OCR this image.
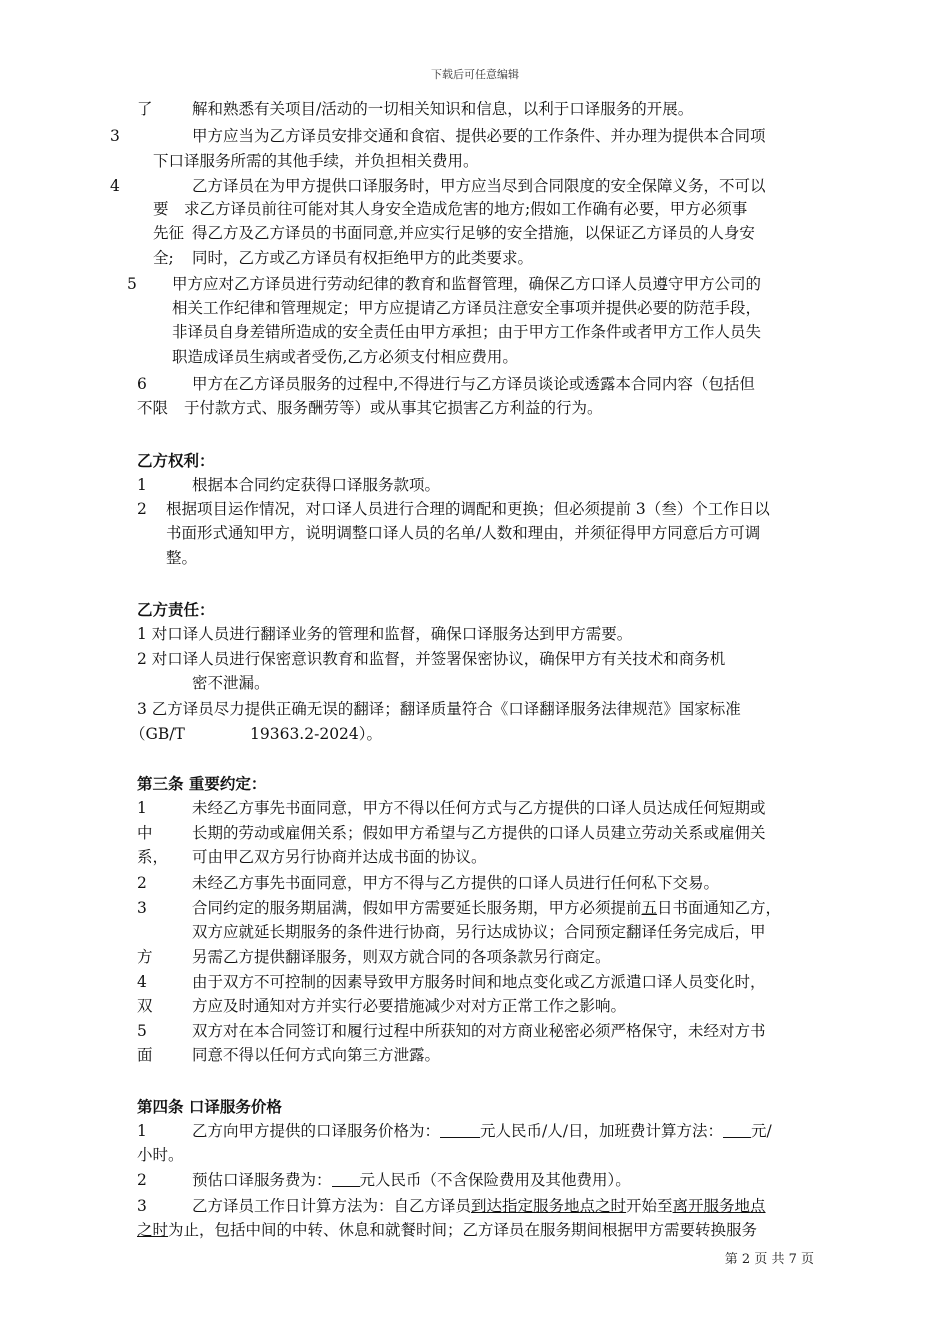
下载后可任意编辑
了	解和熟悉有关项目/活动的一切相关知识和信息，以利于口译服务的开展。
3	甲方应当为乙方译员安排交通和食宿、提供必要的工作条件、并办理为提供本合同项
下口译服务所需的其他手续，并负担相关费用。
4	乙方译员在为甲方提供口译服务时，甲方应当尽到合同限度的安全保障义务，不可以
要 求乙方译员前往可能对其人身安全造成危害的地方;假如工作确有必要，甲方必须事
先征 得乙方及乙方译员的书面同意,并应实行足够的安全措施，以保证乙方译员的人身安
全; 同时，乙方或乙方译员有权拒绝甲方的此类要求。
5 甲方应对乙方译员进行劳动纪律的教育和监督管理，确保乙方口译人员遵守甲方公司的
相关工作纪律和管理规定；甲方应提请乙方译员注意安全事项并提供必要的防范手段，
非译员自身差错所造成的安全责任由甲方承担；由于甲方工作条件或者甲方工作人员失
职造成译员生病或者受伤,乙方必须支付相应费用。
6	甲方在乙方译员服务的过程中,不得进行与乙方译员谈论或透露本合同内容（包括但
不限 于付款方式、服务酬劳等）或从事其它损害乙方利益的行为。
乙方权利：
1	根据本合同约定获得口译服务款项。
2 根据项目运作情况，对口译人员进行合理的调配和更换；但必须提前 3（叁）个工作日以
书面形式通知甲方，说明调整口译人员的名单/人数和理由，并须征得甲方同意后方可调
整。
乙方责任：
1 对口译人员进行翻译业务的管理和监督，确保口译服务达到甲方需要。
2 对口译人员进行保密意识教育和监督，并签署保密协议，确保甲方有关技术和商务机
密不泄漏。
3 乙方译员尽力提供正确无误的翻译；翻译质量符合《口译翻译服务法律规范》国家标准
（GB/T	19363.2-2024）。
第三条 重要约定：
1	未经乙方事先书面同意，甲方不得以任何方式与乙方提供的口译人员达成任何短期或
中	长期的劳动或雇佣关系；假如甲方希望与乙方提供的口译人员建立劳动关系或雇佣关
系， 可由甲乙双方另行协商并达成书面的协议。
2	未经乙方事先书面同意，甲方不得与乙方提供的口译人员进行任何私下交易。
3	合同约定的服务期届满，假如甲方需要延长服务期，甲方必须提前五日书面通知乙方，
双方应就延长期服务的条件进行协商，另行达成协议；合同预定翻译任务完成后，甲
方	另需乙方提供翻译服务，则双方就合同的各项条款另行商定。
4	由于双方不可控制的因素导致甲方服务时间和地点变化或乙方派遣口译人员变化时，
双	方应及时通知对方并实行必要措施减少对对方正常工作之影响。
5	双方对在本合同签订和履行过程中所获知的对方商业秘密必须严格保守，未经对方书
面	同意不得以任何方式向第三方泄露。
第四条 口译服务价格
1	乙方向甲方提供的口译服务价格为：	元人民币/人/日，加班费计算方法： 元/
小时。
2	预估口译服务费为： 元人民币（不含保险费用及其他费用）。
3	乙方译员工作日计算方法为：自乙方译员到达指定服务地点之时开始至离开服务地点
之时为止，包括中间的中转、休息和就餐时间；乙方译员在服务期间根据甲方需要转换服务
第 2 页 共 7 页
